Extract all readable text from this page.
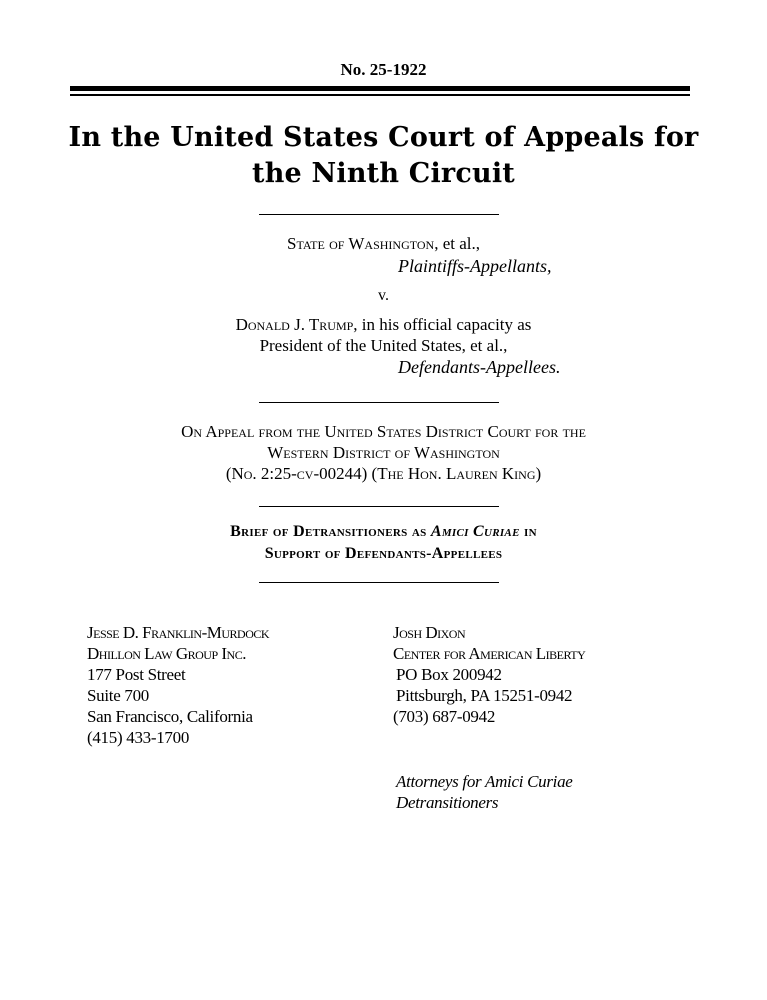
No. 25-1922
In the United States Court of Appeals for
the Ninth Circuit
State of Washington, et al.,
Plaintiffs-Appellants,
v.
Donald J. Trump, in his official capacity as
President of the United States, et al.,
Defendants-Appellees.
On Appeal from the United States District Court for the
Western District of Washington
(No. 2:25-cv-00244) (The Hon. Lauren King)
Brief of Detransitioners as Amici Curiae in
Support of Defendants-Appellees
Jesse D. Franklin-Murdock
Dhillon Law Group Inc.
177 Post Street
Suite 700
San Francisco, California
(415) 433-1700
Josh Dixon
Center for American Liberty
PO Box 200942
Pittsburgh, PA 15251-0942
(703) 687-0942
Attorneys for Amici Curiae
Detransitioners
